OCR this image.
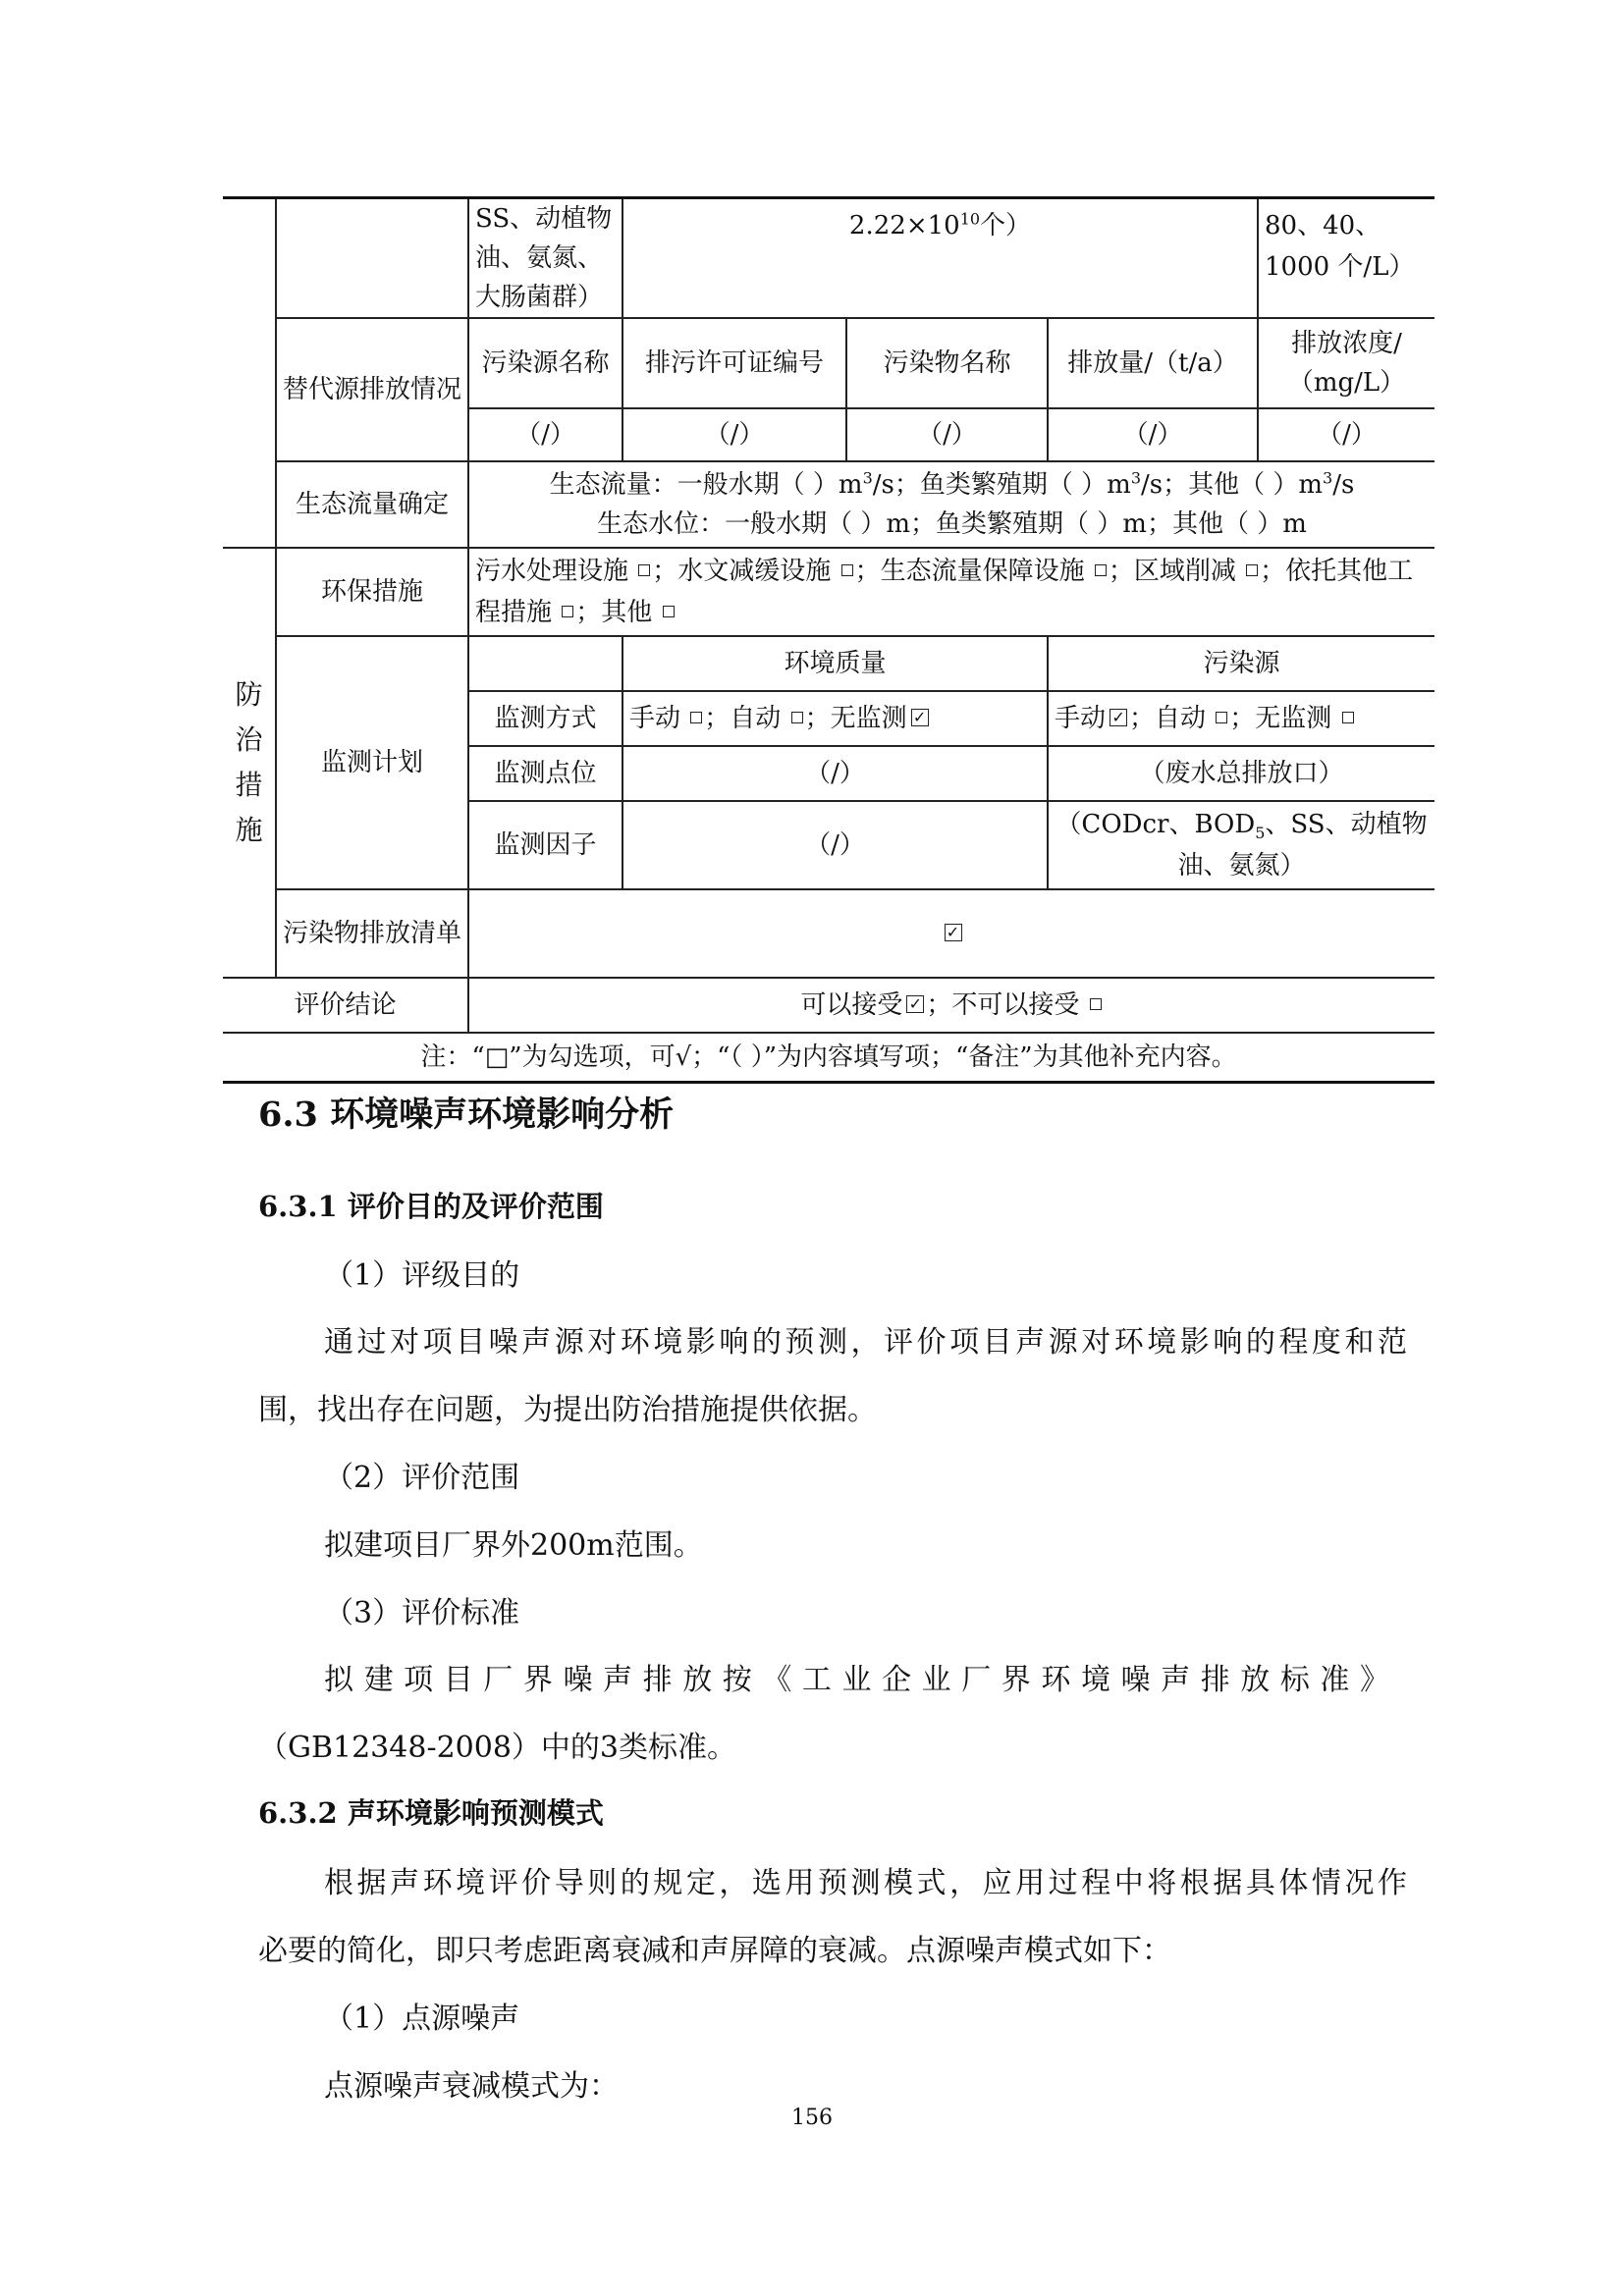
		SS、动植物油、氨氮、大肠菌群）	$2.22\times 10^{10}$个）			80、40、1000 个/L）
	替代源排放情况	污染源名称	排污许可证编号	污染物名称	排放量/（t/a）	排放浓度/（mg/L）
		（/）	（/）	（/）	（/）	（/）
	生态流量确定	生态流量：一般水期（ ）$m^3/s$；鱼类繁殖期（ ）$m^3/s$；其他（ ）$m^3/s$
生态水位：一般水期（ ）m；鱼类繁殖期（ ）m；其他（ ）m				

防
治
措
施	环保措施	污水处理设施 ；水文减缓设施 ；生态流量保障设施 ；区域削减 ；依托其他工程措施 ；其他				
	监测计划		环境质量		污染源	
		监测方式	手动 ；自动 ；无监测 ✓		手动 ✓ ；自动 ；无监测	
		监测点位	（/）		（废水总排放口）	
		监测因子	（/）		（CODcr、$BOD_5$、SS、动植物油、氨氮）	
	污染物排放清单	✓				
评价结论		可以接受 ✓ ；不可以接受				
注：“□”为勾选项，可√；“（ ）”为内容填写项；“备注”为其他补充内容。						
6.3 环境噪声环境影响分析
6.3.1 评价目的及评价范围
（1）评级目的
通过对项目噪声源对环境影响的预测，评价项目声源对环境影响的程度和范
围，找出存在问题，为提出防治措施提供依据。
（2）评价范围
拟建项目厂界外200m范围。
（3）评价标准
拟建项目厂界噪声排放按《工业企业厂界环境噪声排放标准》
（GB12348-2008）中的3类标准。
6.3.2 声环境影响预测模式
根据声环境评价导则的规定，选用预测模式，应用过程中将根据具体情况作
必要的简化，即只考虑距离衰减和声屏障的衰减。点源噪声模式如下：
（1）点源噪声
点源噪声衰减模式为：
156
